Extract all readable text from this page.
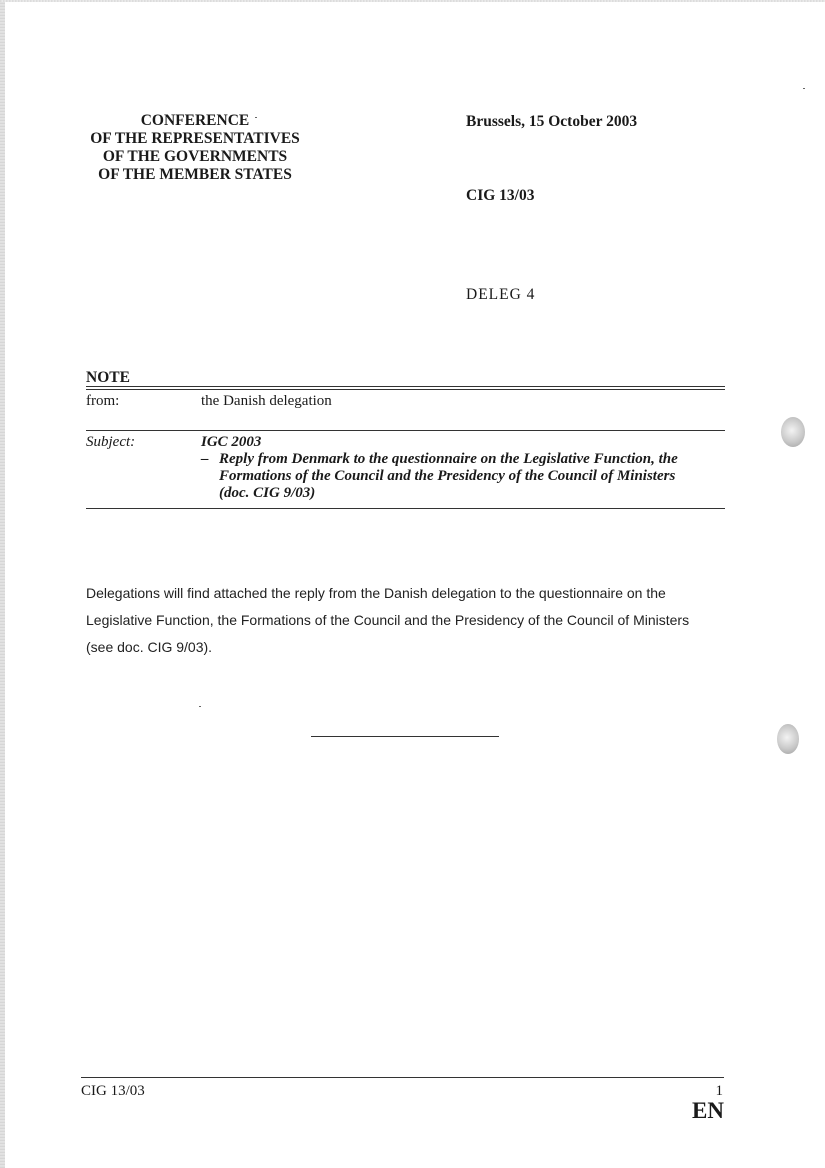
CONFERENCE
OF THE REPRESENTATIVES
OF THE GOVERNMENTS
OF THE MEMBER STATES
Brussels, 15 October 2003
CIG 13/03
DELEG 4
NOTE
from:	the Danish delegation
Subject:	IGC 2003
– Reply from Denmark to the questionnaire on the Legislative Function, the
Formations of the Council and the Presidency of the Council of Ministers
(doc. CIG 9/03)
Delegations will find attached the reply from the Danish delegation to the questionnaire on the
Legislative Function, the Formations of the Council and the Presidency of the Council of Ministers
(see doc. CIG 9/03).
CIG 13/03	1
EN
